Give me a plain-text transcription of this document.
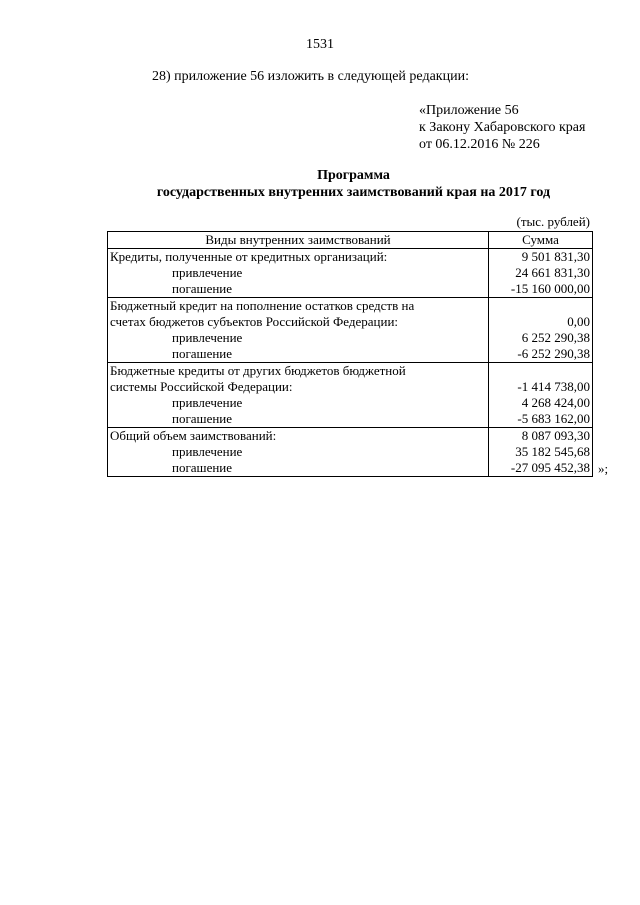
1531
28) приложение 56 изложить в следующей редакции:
«Приложение 56
к Закону Хабаровского края
от 06.12.2016 № 226
Программа
государственных внутренних заимствований края на 2017 год
(тыс. рублей)
Виды внутренних заимствований	Сумма
Кредиты, полученные от кредитных организаций:	9 501 831,30
привлечение	24 661 831,30
погашение	-15 160 000,00
Бюджетный кредит на пополнение остатков средств на	
счетах бюджетов субъектов Российской Федерации:	0,00
привлечение	6 252 290,38
погашение	-6 252 290,38
Бюджетные кредиты от других бюджетов бюджетной	
системы Российской Федерации:	-1 414 738,00
привлечение	4 268 424,00
погашение	-5 683 162,00
Общий объем заимствований:	8 087 093,30
привлечение	35 182 545,68
погашение	-27 095 452,38 »;
